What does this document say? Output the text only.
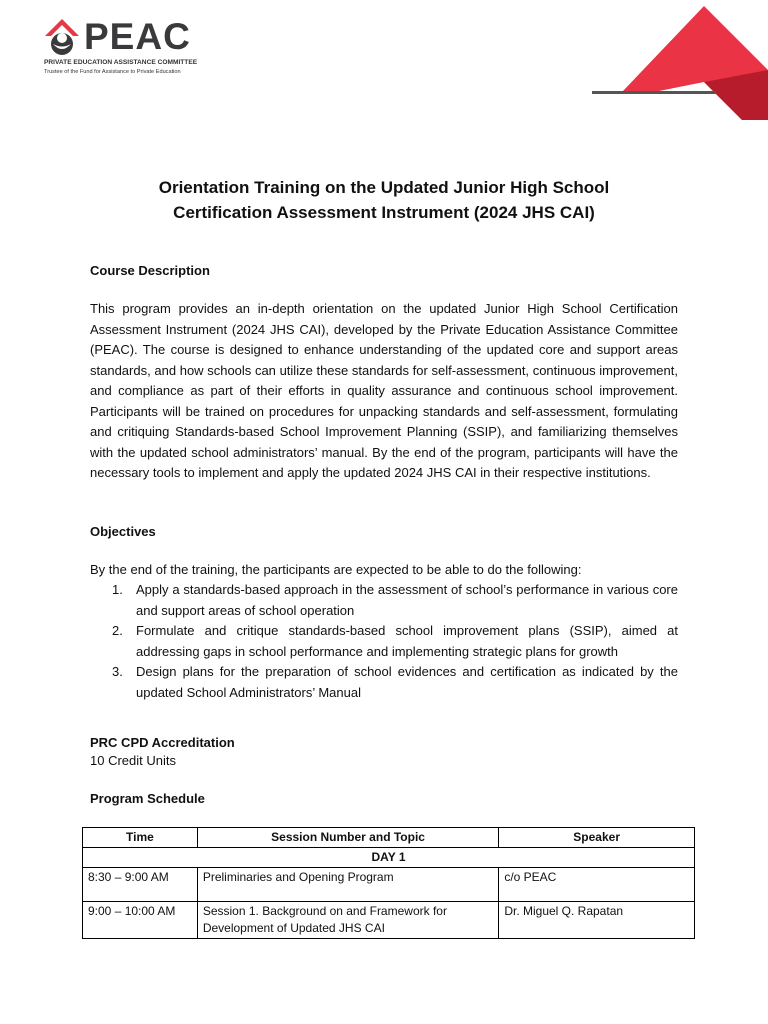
PEAC
PRIVATE EDUCATION ASSISTANCE COMMITTEE
Trustee of the Fund for Assistance to Private Education
Orientation Training on the Updated Junior High School
Certification Assessment Instrument (2024 JHS CAI)
Course Description

This program provides an in-depth orientation on the updated Junior High School Certification Assessment Instrument (2024 JHS CAI), developed by the Private Education Assistance Committee (PEAC). The course is designed to enhance understanding of the updated core and support areas standards, and how schools can utilize these standards for self-assessment, continuous improvement, and compliance as part of their efforts in quality assurance and continuous school improvement. Participants will be trained on procedures for unpacking standards and self-assessment, formulating and critiquing Standards-based School Improvement Planning (SSIP), and familiarizing themselves with the updated school administrators’ manual. By the end of the program, participants will have the necessary tools to implement and apply the updated 2024 JHS CAI in their respective institutions.

Objectives

By the end of the training, the participants are expected to be able to do the following:

1. Apply a standards-based approach in the assessment of school’s performance in various core and support areas of school operation
2. Formulate and critique standards-based school improvement plans (SSIP), aimed at addressing gaps in school performance and implementing strategic plans for growth
3. Design plans for the preparation of school evidences and certification as indicated by the updated School Administrators’ Manual
PRC CPD Accreditation

10 Credit Units

Program Schedule
Time	Session Number and Topic	Speaker
DAY 1		
8:30 – 9:00 AM	Preliminaries and Opening Program	c/o PEAC
9:00 – 10:00 AM	Session 1. Background on and Framework for Development of Updated JHS CAI	Dr. Miguel Q. Rapatan
